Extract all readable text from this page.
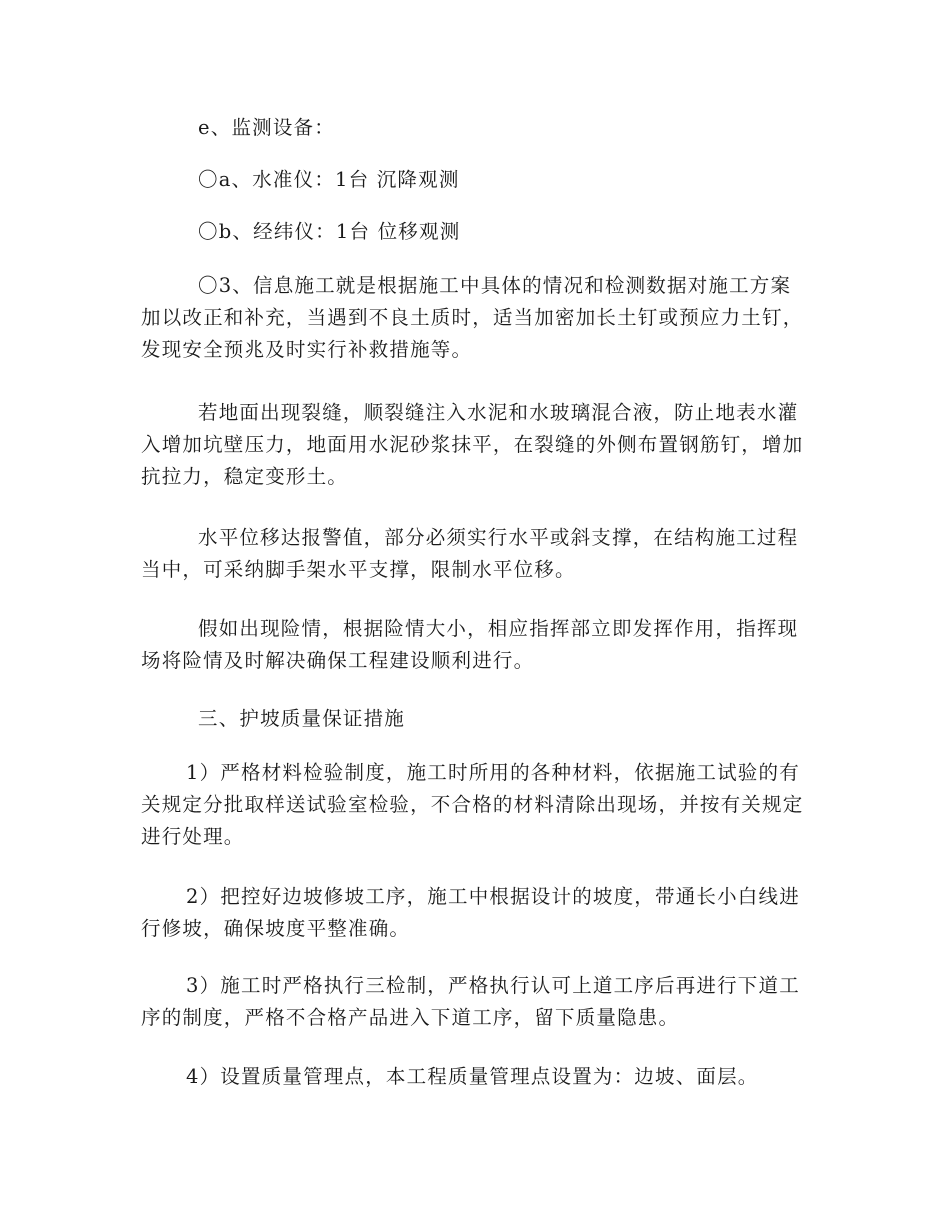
e、监测设备：

〇a、水准仪：1台 沉降观测

〇b、经纬仪：1台 位移观测

〇3、信息施工就是根据施工中具体的情况和检测数据对施工方案加以改正和补充，当遇到不良土质时，适当加密加长土钉或预应力土钉，发现安全预兆及时实行补救措施等。

若地面出现裂缝，顺裂缝注入水泥和水玻璃混合液，防止地表水灌入增加坑壁压力，地面用水泥砂浆抹平，在裂缝的外侧布置钢筋钉，增加抗拉力，稳定变形土。

水平位移达报警值，部分必须实行水平或斜支撑，在结构施工过程当中，可采纳脚手架水平支撑，限制水平位移。

假如出现险情，根据险情大小，相应指挥部立即发挥作用，指挥现场将险情及时解决确保工程建设顺利进行。

三、护坡质量保证措施

1）严格材料检验制度，施工时所用的各种材料，依据施工试验的有关规定分批取样送试验室检验，不合格的材料清除出现场，并按有关规定进行处理。

2）把控好边坡修坡工序，施工中根据设计的坡度，带通长小白线进行修坡，确保坡度平整准确。

3）施工时严格执行三检制，严格执行认可上道工序后再进行下道工序的制度，严格不合格产品进入下道工序，留下质量隐患。

4）设置质量管理点，本工程质量管理点设置为：边坡、面层。
